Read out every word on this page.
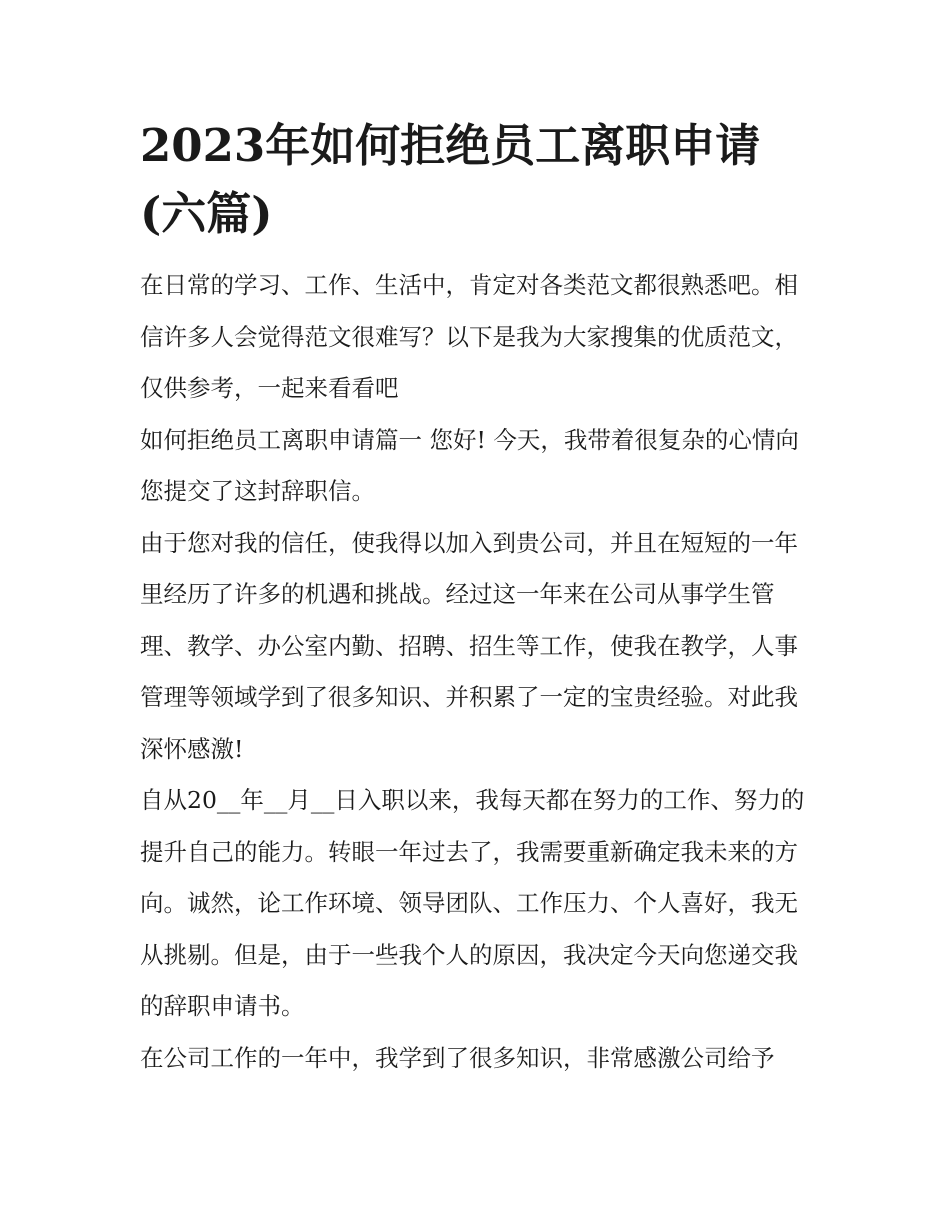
2023年如何拒绝员工离职申请(六篇)

在日常的学习、工作、生活中，肯定对各类范文都很熟悉吧。相信许多人会觉得范文很难写？以下是我为大家搜集的优质范文，仅供参考，一起来看看吧

如何拒绝员工离职申请篇一 您好! 今天，我带着很复杂的心情向您提交了这封辞职信。

由于您对我的信任，使我得以加入到贵公司，并且在短短的一年里经历了许多的机遇和挑战。经过这一年来在公司从事学生管理、教学、办公室内勤、招聘、招生等工作，使我在教学，人事管理等领域学到了很多知识、并积累了一定的宝贵经验。对此我深怀感激!

自从20__年__月__日入职以来，我每天都在努力的工作、努力的提升自己的能力。转眼一年过去了，我需要重新确定我未来的方向。诚然，论工作环境、领导团队、工作压力、个人喜好，我无从挑剔。但是，由于一些我个人的原因，我决定今天向您递交我的辞职申请书。

在公司工作的一年中，我学到了很多知识，非常感激公司给予
